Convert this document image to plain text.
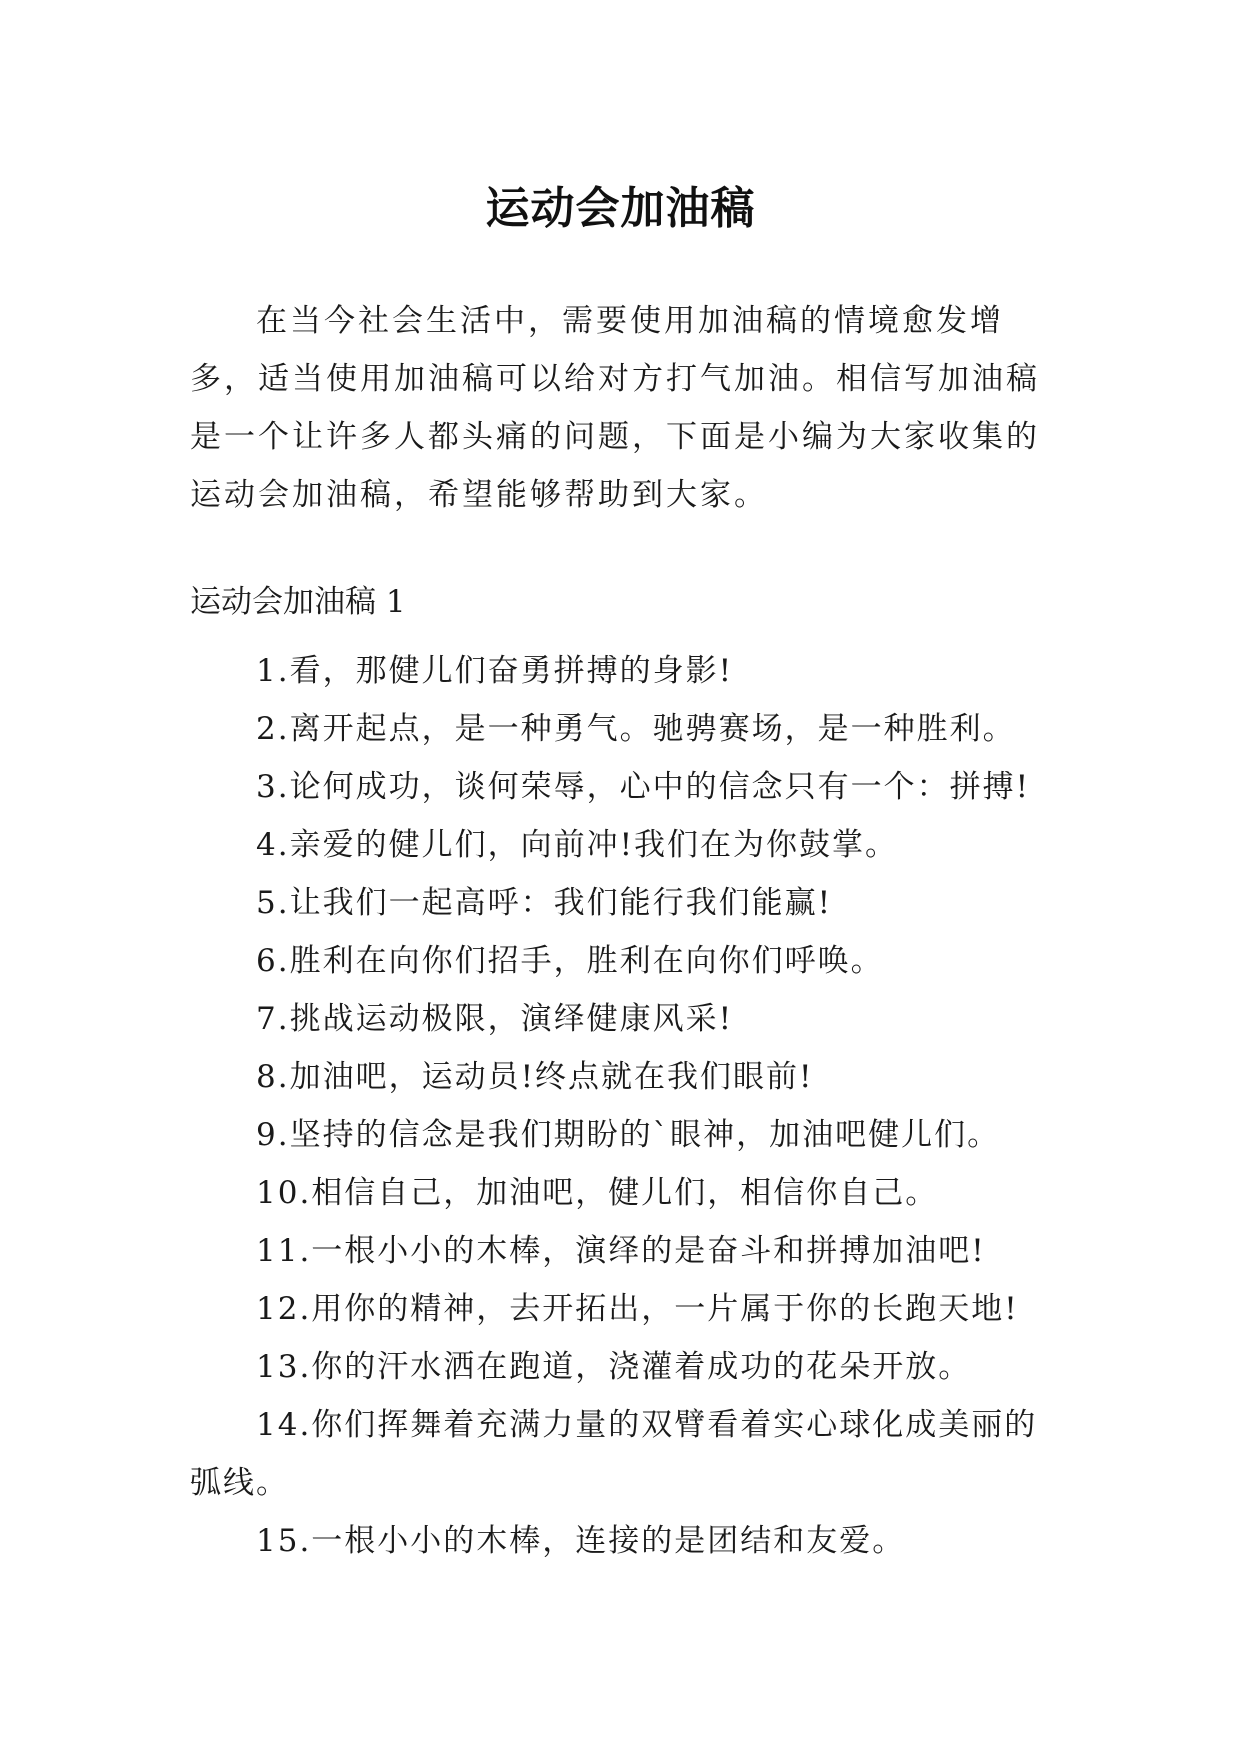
运动会加油稿

在当今社会生活中，需要使用加油稿的情境愈发增多，适当使用加油稿可以给对方打气加油。相信写加油稿是一个让许多人都头痛的问题，下面是小编为大家收集的运动会加油稿，希望能够帮助到大家。

运动会加油稿 1

1.看，那健儿们奋勇拼搏的身影!
2.离开起点，是一种勇气。驰骋赛场，是一种胜利。
3.论何成功，谈何荣辱，心中的信念只有一个：拼搏!
4.亲爱的健儿们，向前冲!我们在为你鼓掌。
5.让我们一起高呼：我们能行我们能赢!
6.胜利在向你们招手，胜利在向你们呼唤。
7.挑战运动极限，演绎健康风采!
8.加油吧，运动员!终点就在我们眼前!
9.坚持的信念是我们期盼的`眼神，加油吧健儿们。
10.相信自己，加油吧，健儿们，相信你自己。
11.一根小小的木棒，演绎的是奋斗和拼搏加油吧!
12.用你的精神，去开拓出，一片属于你的长跑天地!
13.你的汗水洒在跑道，浇灌着成功的花朵开放。
14.你们挥舞着充满力量的双臂看着实心球化成美丽的弧线。
15.一根小小的木棒，连接的是团结和友爱。
